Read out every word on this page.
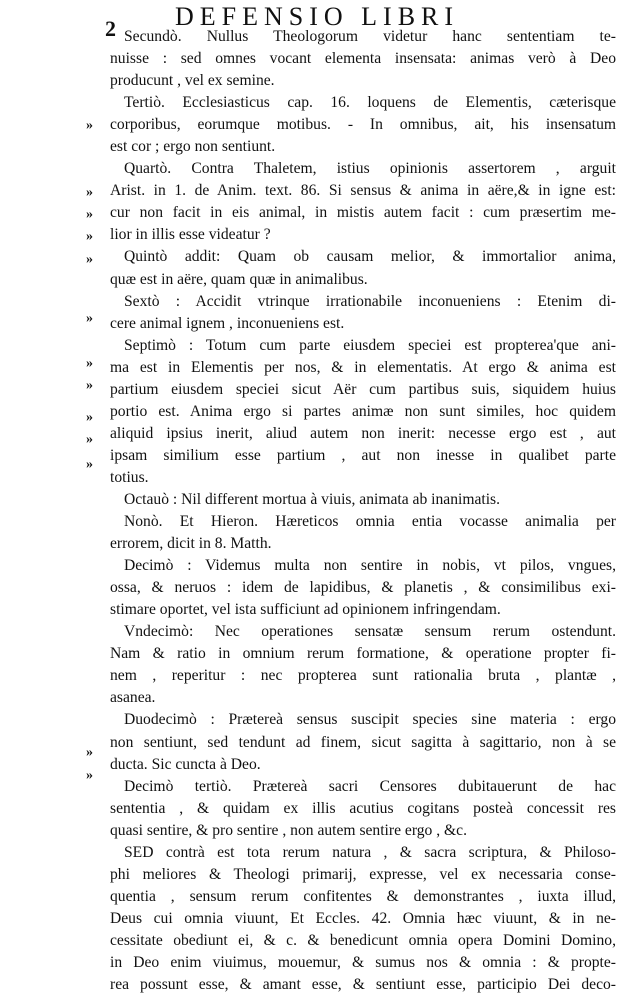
2 DEFENSIO LIBRI
»
»
»
»
»
»
»
»
»
»
»
»
»
Secundò. Nullus Theologorum videtur hanc sententiam te-
nuisse : sed omnes vocant elementa insensata: animas verò à Deo
producunt , vel ex semine.
Tertiò. Ecclesiasticus cap. 16. loquens de Elementis, cæterisque
corporibus, eorumque motibus. - In omnibus, ait, his insensatum
est cor ; ergo non sentiunt.
Quartò. Contra Thaletem, istius opinionis assertorem , arguit
Arist. in 1. de Anim. text. 86. Si sensus & anima in aëre,& in igne est:
cur non facit in eis animal, in mistis autem facit : cum præsertim me-
lior in illis esse videatur ?
Quintò addit: Quam ob causam melior, & immortalior anima,
quæ est in aëre, quam quæ in animalibus.
Sextò : Accidit vtrinque irrationabile inconueniens : Etenim di-
cere animal ignem , inconueniens est.
Septimò : Totum cum parte eiusdem speciei est propterea'que ani-
ma est in Elementis per nos, & in elementatis. At ergo & anima est
partium eiusdem speciei sicut Aër cum partibus suis, siquidem huius
portio est. Anima ergo si partes animæ non sunt similes, hoc quidem
aliquid ipsius inerit, aliud autem non inerit: necesse ergo est , aut
ipsam similium esse partium , aut non inesse in qualibet parte
totius.
Octauò : Nil different mortua à viuis, animata ab inanimatis.
Nonò. Et Hieron. Hæreticos omnia entia vocasse animalia per
errorem, dicit in 8. Matth.
Decimò : Videmus multa non sentire in nobis, vt pilos, vngues,
ossa, & neruos : idem de lapidibus, & planetis , & consimilibus exi-
stimare oportet, vel ista sufficiunt ad opinionem infringendam.
Vndecimò: Nec operationes sensatæ sensum rerum ostendunt.
Nam & ratio in omnium rerum formatione, & operatione propter fi-
nem , reperitur : nec propterea sunt rationalia bruta , plantæ ,
asanea.
Duodecimò : Prætereà sensus suscipit species sine materia : ergo
non sentiunt, sed tendunt ad finem, sicut sagitta à sagittario, non à se
ducta. Sic cuncta à Deo.
Decimò tertiò. Prætereà sacri Censores dubitauerunt de hac
sententia , & quidam ex illis acutius cogitans posteà concessit res
quasi sentire, & pro sentire , non autem sentire ergo , &c.
SED contrà est tota rerum natura , & sacra scriptura, & Philoso-
phi meliores & Theologi primarij, expresse, vel ex necessaria conse-
quentia , sensum rerum confitentes & demonstrantes , iuxta illud,
Deus cui omnia viuunt, Et Eccles. 42. Omnia hæc viuunt, & in ne-
cessitate obediunt ei, & c. & benedicunt omnia opera Domini Domino,
in Deo enim viuimus, mouemur, & sumus nos & omnia : & propte-
rea possunt esse, & amant esse, & sentiunt esse, participio Dei deco-
